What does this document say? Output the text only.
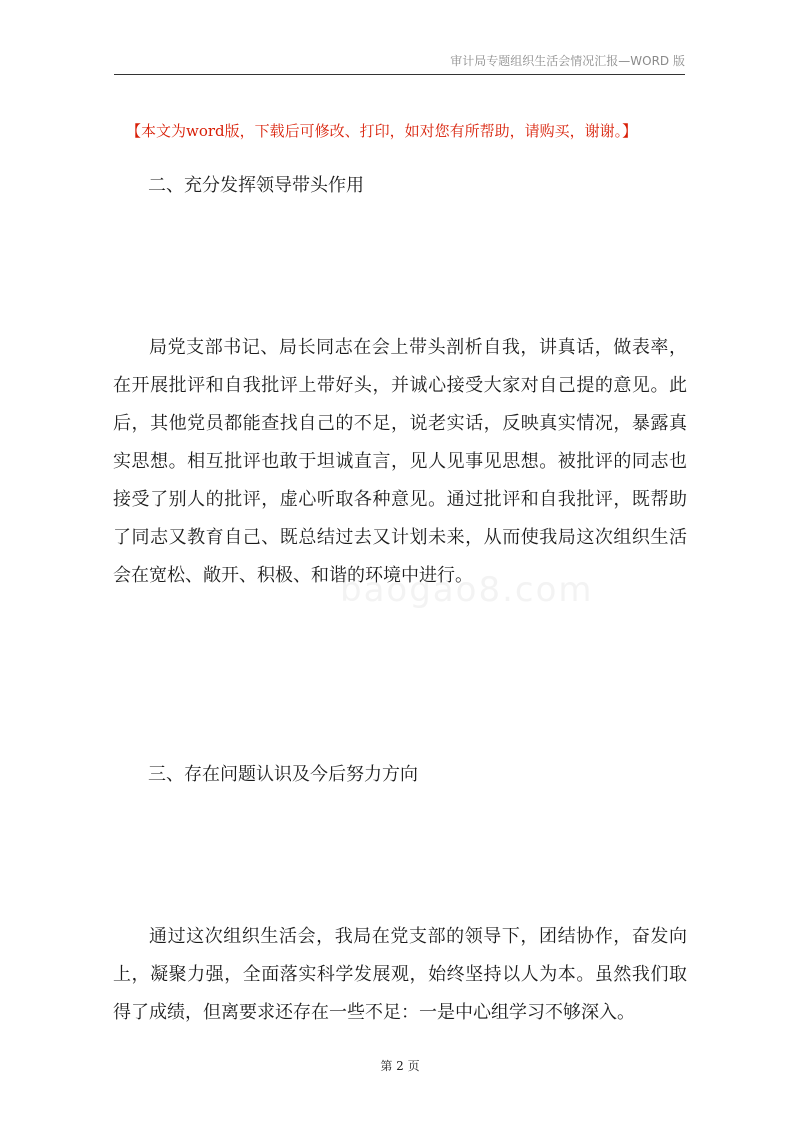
审计局专题组织生活会情况汇报—WORD 版
【本文为word版，下载后可修改、打印，如对您有所帮助，请购买，谢谢。】
二、充分发挥领导带头作用
局党支部书记、局长同志在会上带头剖析自我，讲真话，做表率，在开展批评和自我批评上带好头，并诚心接受大家对自己提的意见。此后，其他党员都能查找自己的不足，说老实话，反映真实情况，暴露真实思想。相互批评也敢于坦诚直言，见人见事见思想。被批评的同志也接受了别人的批评，虚心听取各种意见。通过批评和自我批评，既帮助了同志又教育自己、既总结过去又计划未来，从而使我局这次组织生活会在宽松、敞开、积极、和谐的环境中进行。
baogao8.com
三、存在问题认识及今后努力方向
通过这次组织生活会，我局在党支部的领导下，团结协作，奋发向上，凝聚力强，全面落实科学发展观，始终坚持以人为本。虽然我们取得了成绩，但离要求还存在一些不足：一是中心组学习不够深入。
第 2 页
